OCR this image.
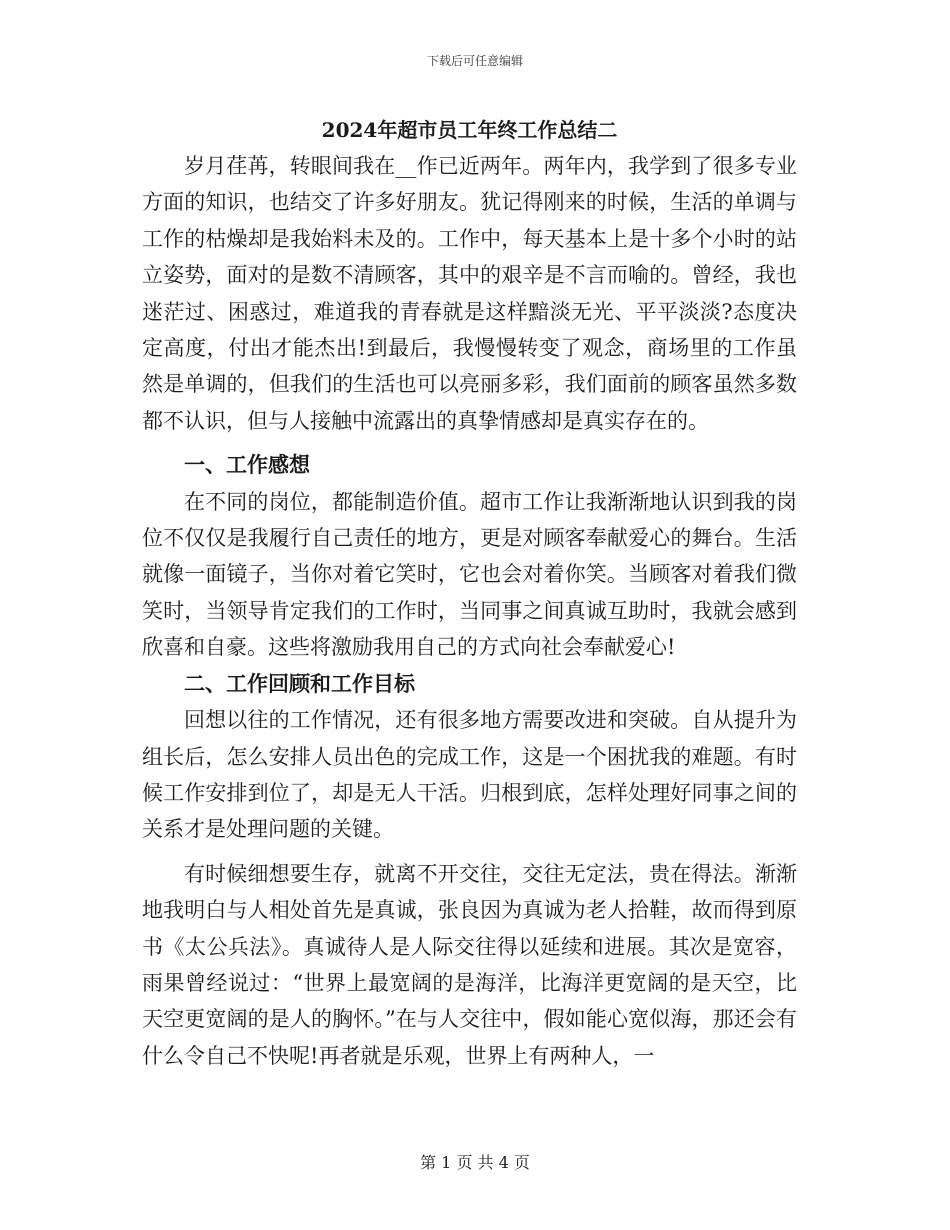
下载后可任意编辑
2024年超市员工年终工作总结二

岁月荏苒，转眼间我在__作已近两年。两年内，我学到了很多专业方面的知识，也结交了许多好朋友。犹记得刚来的时候，生活的单调与工作的枯燥却是我始料未及的。工作中，每天基本上是十多个小时的站立姿势，面对的是数不清顾客，其中的艰辛是不言而喻的。曾经，我也迷茫过、困惑过，难道我的青春就是这样黯淡无光、平平淡淡?态度决定高度，付出才能杰出!到最后，我慢慢转变了观念，商场里的工作虽然是单调的，但我们的生活也可以亮丽多彩，我们面前的顾客虽然多数都不认识，但与人接触中流露出的真挚情感却是真实存在的。

一、工作感想

在不同的岗位，都能制造价值。超市工作让我渐渐地认识到我的岗位不仅仅是我履行自己责任的地方，更是对顾客奉献爱心的舞台。生活就像一面镜子，当你对着它笑时，它也会对着你笑。当顾客对着我们微笑时，当领导肯定我们的工作时，当同事之间真诚互助时，我就会感到欣喜和自豪。这些将激励我用自己的方式向社会奉献爱心!

二、工作回顾和工作目标

回想以往的工作情况，还有很多地方需要改进和突破。自从提升为组长后，怎么安排人员出色的完成工作，这是一个困扰我的难题。有时候工作安排到位了，却是无人干活。归根到底，怎样处理好同事之间的关系才是处理问题的关键。

有时候细想要生存，就离不开交往，交往无定法，贵在得法。渐渐地我明白与人相处首先是真诚，张良因为真诚为老人拾鞋，故而得到原书《太公兵法》。真诚待人是人际交往得以延续和进展。其次是宽容，雨果曾经说过：“世界上最宽阔的是海洋，比海洋更宽阔的是天空，比天空更宽阔的是人的胸怀。”在与人交往中，假如能心宽似海，那还会有什么令自己不快呢!再者就是乐观，世界上有两种人，一

第 1 页 共 4 页
